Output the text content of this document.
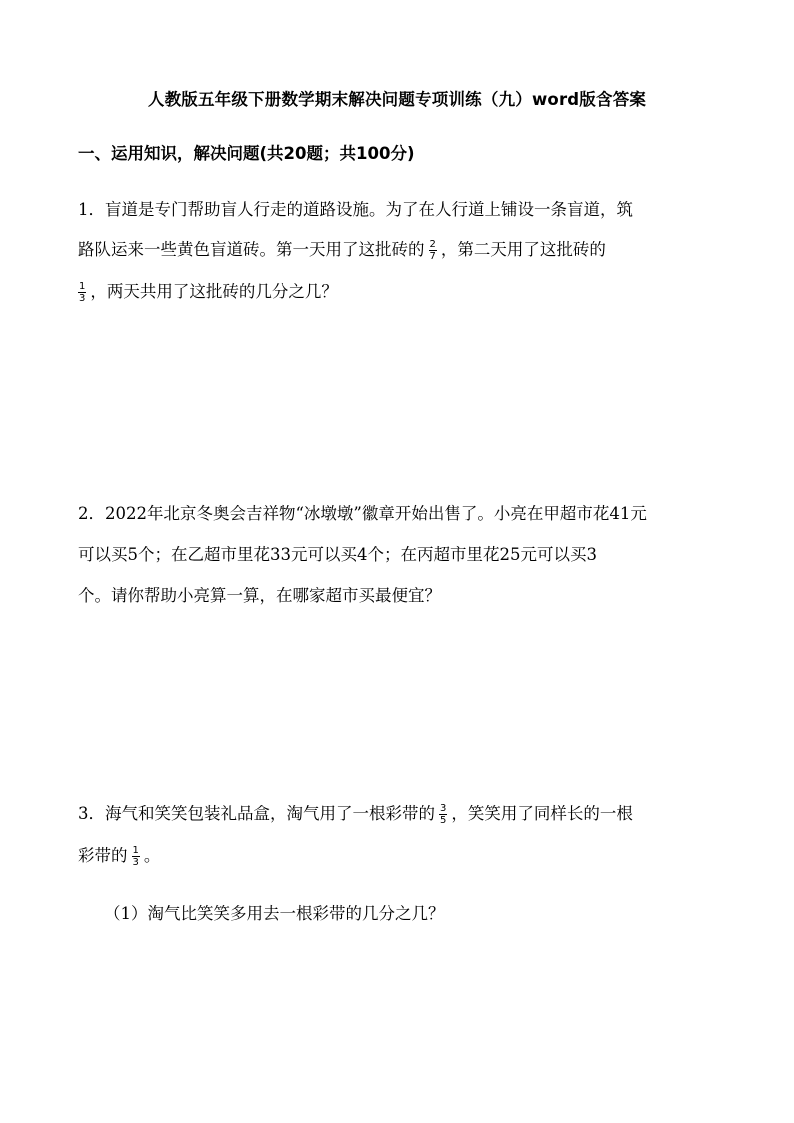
人教版五年级下册数学期末解决问题专项训练（九）word版含答案
一、运用知识，解决问题(共20题；共100分)
1．盲道是专门帮助盲人行走的道路设施。为了在人行道上铺设一条盲道，筑
路队运来一些黄色盲道砖。第一天用了这批砖的 $\frac{2}{7}$ ，第二天用了这批砖的
$\frac{1}{3}$ ，两天共用了这批砖的几分之几？
2．2022年北京冬奥会吉祥物“冰墩墩”徽章开始出售了。小亮在甲超市花41元
可以买5个；在乙超市里花33元可以买4个；在丙超市里花25元可以买3
个。请你帮助小亮算一算，在哪家超市买最便宜？
3．海气和笑笑包装礼品盒，淘气用了一根彩带的 $\frac{3}{5}$ ，笑笑用了同样长的一根
彩带的 $\frac{1}{3}$ 。
（1）淘气比笑笑多用去一根彩带的几分之几？
